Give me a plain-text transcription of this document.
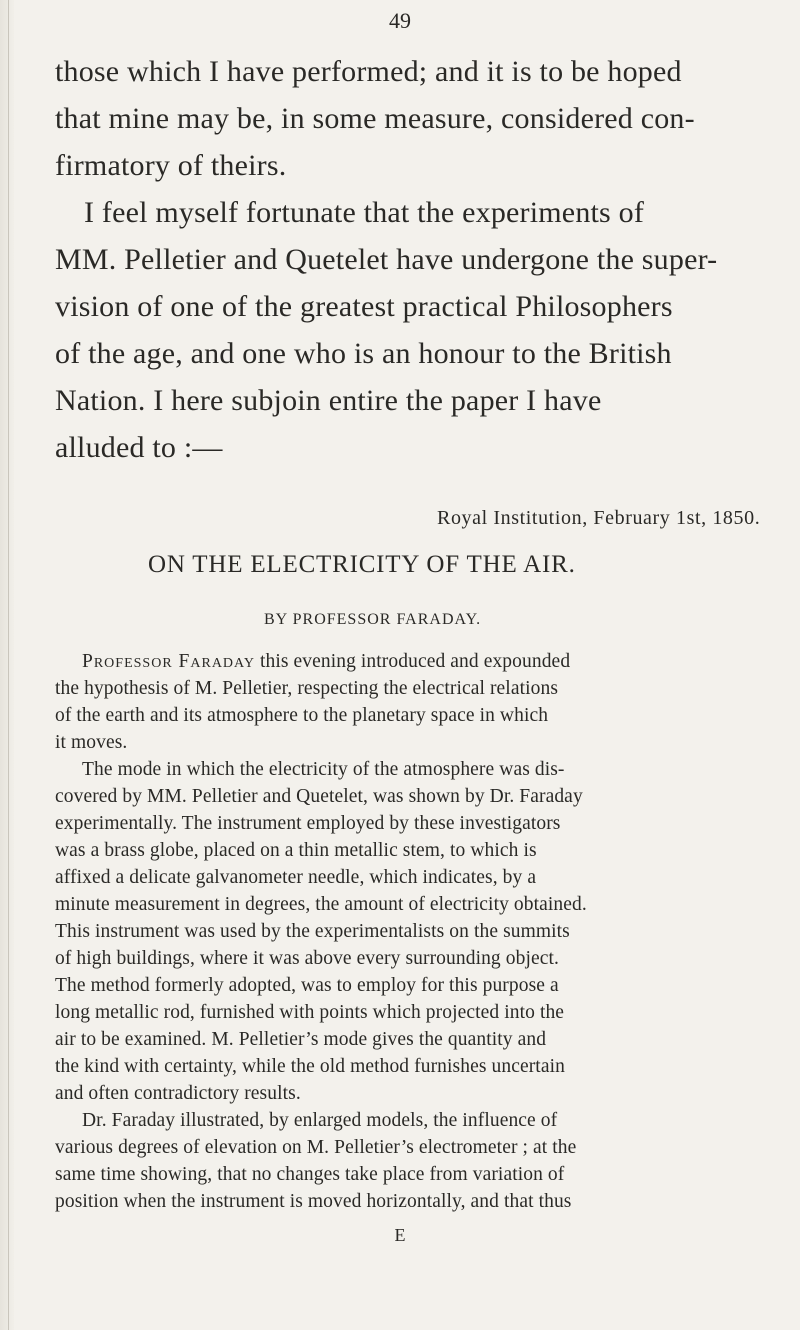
49
those which I have performed; and it is to be hoped
that mine may be, in some measure, considered con-
firmatory of theirs.
I feel myself fortunate that the experiments of
MM. Pelletier and Quetelet have undergone the super-
vision of one of the greatest practical Philosophers
of the age, and one who is an honour to the British
Nation. I here subjoin entire the paper I have
alluded to :—
Royal Institution, February 1st, 1850.
ON THE ELECTRICITY OF THE AIR.
BY PROFESSOR FARADAY.
Professor Faraday this evening introduced and expounded
the hypothesis of M. Pelletier, respecting the electrical relations
of the earth and its atmosphere to the planetary space in which
it moves.
The mode in which the electricity of the atmosphere was dis-
covered by MM. Pelletier and Quetelet, was shown by Dr. Faraday
experimentally. The instrument employed by these investigators
was a brass globe, placed on a thin metallic stem, to which is
affixed a delicate galvanometer needle, which indicates, by a
minute measurement in degrees, the amount of electricity obtained.
This instrument was used by the experimentalists on the summits
of high buildings, where it was above every surrounding object.
The method formerly adopted, was to employ for this purpose a
long metallic rod, furnished with points which projected into the
air to be examined. M. Pelletier’s mode gives the quantity and
the kind with certainty, while the old method furnishes uncertain
and often contradictory results.
Dr. Faraday illustrated, by enlarged models, the influence of
various degrees of elevation on M. Pelletier’s electrometer ; at the
same time showing, that no changes take place from variation of
position when the instrument is moved horizontally, and that thus
E
